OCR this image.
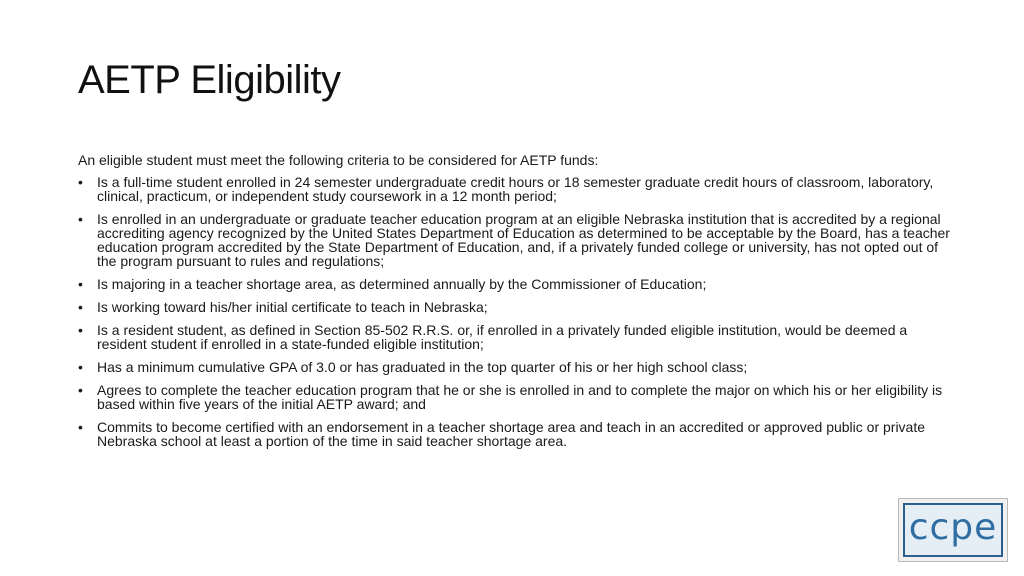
AETP Eligibility

An eligible student must meet the following criteria to be considered for AETP funds:

• Is a full-time student enrolled in 24 semester undergraduate credit hours or 18 semester graduate credit hours of classroom, laboratory, clinical, practicum, or independent study coursework in a 12 month period;
• Is enrolled in an undergraduate or graduate teacher education program at an eligible Nebraska institution that is accredited by a regional accrediting agency recognized by the United States Department of Education as determined to be acceptable by the Board, has a teacher education program accredited by the State Department of Education, and, if a privately funded college or university, has not opted out of the program pursuant to rules and regulations;
• Is majoring in a teacher shortage area, as determined annually by the Commissioner of Education;
• Is working toward his/her initial certificate to teach in Nebraska;
• Is a resident student, as defined in Section 85-502 R.R.S. or, if enrolled in a privately funded eligible institution, would be deemed a resident student if enrolled in a state-funded eligible institution;
• Has a minimum cumulative GPA of 3.0 or has graduated in the top quarter of his or her high school class;
• Agrees to complete the teacher education program that he or she is enrolled in and to complete the major on which his or her eligibility is based within five years of the initial AETP award; and
• Commits to become certified with an endorsement in a teacher shortage area and teach in an accredited or approved public or private Nebraska school at least a portion of the time in said teacher shortage area.
ccpe
